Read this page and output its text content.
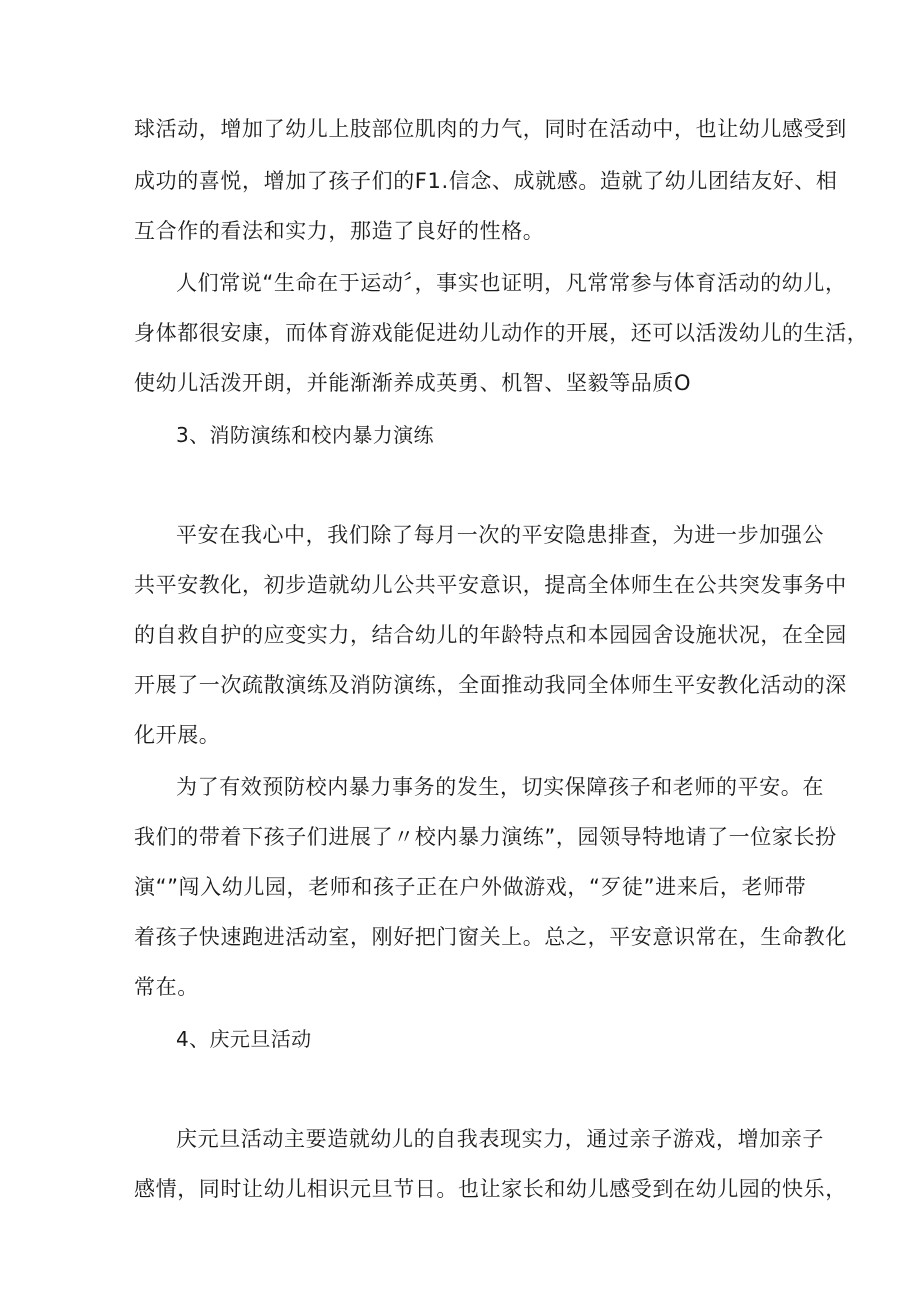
球活动，增加了幼儿上肢部位肌肉的力气，同时在活动中，也让幼儿感受到
成功的喜悦，增加了孩子们的F1.信念、成就感。造就了幼儿团结友好、相
互合作的看法和实力，那造了良好的性格。
人们常说“生命在于运动〞，事实也证明，凡常常参与体育活动的幼儿，
身体都很安康，而体育游戏能促进幼儿动作的开展，还可以活泼幼儿的生活，
使幼儿活泼开朗，并能渐渐养成英勇、机智、坚毅等品质O
3、消防演练和校内暴力演练
平安在我心中，我们除了每月一次的平安隐患排查，为进一步加强公
共平安教化，初步造就幼儿公共平安意识，提高全体师生在公共突发事务中
的自救自护的应变实力，结合幼儿的年龄特点和本园园舍设施状况，在全园
开展了一次疏散演练及消防演练，全面推动我同全体师生平安教化活动的深
化开展。
为了有效预防校内暴力事务的发生，切实保障孩子和老师的平安。在
我们的带着下孩子们进展了〃校内暴力演练”，园领导特地请了一位家长扮
演“”闯入幼儿园，老师和孩子正在户外做游戏，“歹徒”进来后，老师带
着孩子快速跑进活动室，刚好把门窗关上。总之，平安意识常在，生命教化
常在。
4、庆元旦活动
庆元旦活动主要造就幼儿的自我表现实力，通过亲子游戏，增加亲子
感情，同时让幼儿相识元旦节日。也让家长和幼儿感受到在幼儿园的快乐，
